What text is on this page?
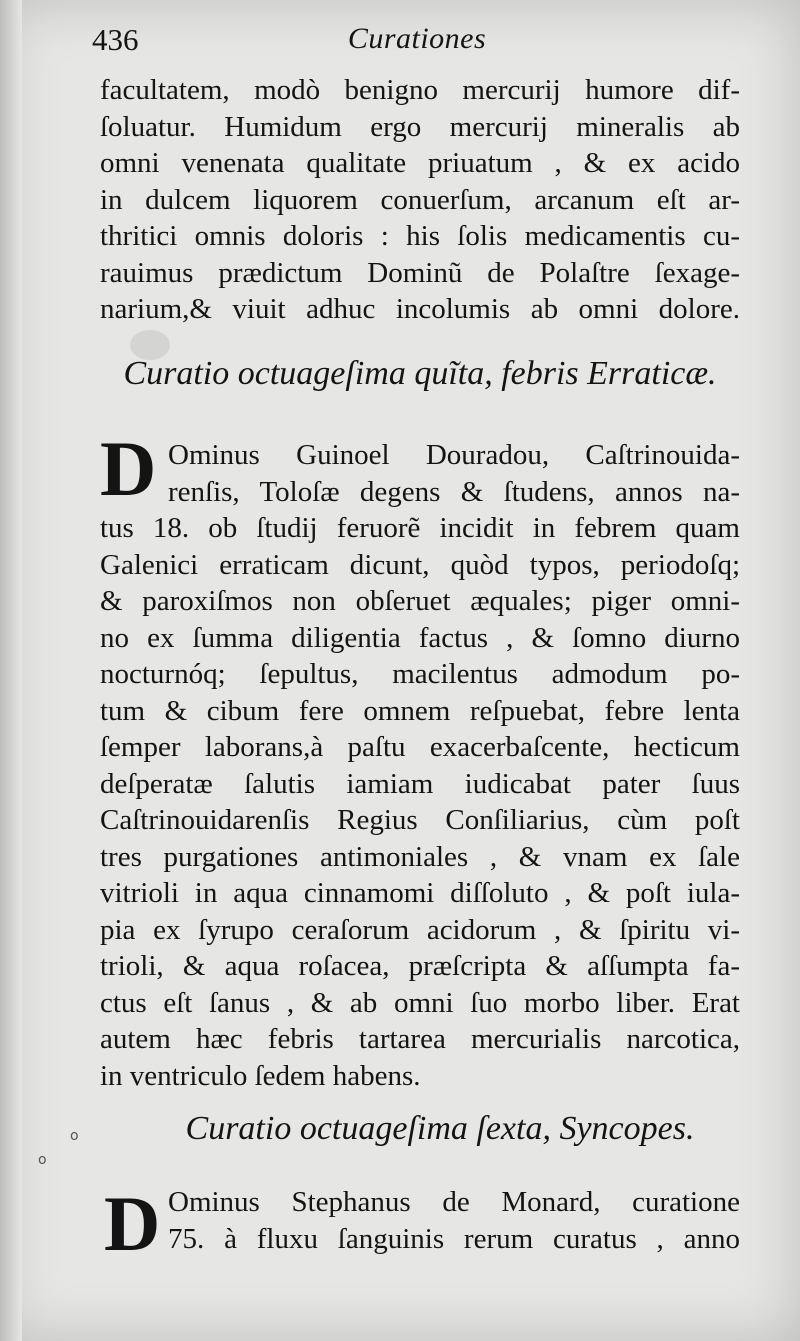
o
o
436	Curationes
facultatem, modò benigno mercurij humore dif-
ſoluatur. Humidum ergo mercurij mineralis ab
omni venenata qualitate priuatum , & ex acido
in dulcem liquorem conuerſum, arcanum eſt ar-
thritici omnis doloris : his ſolis medicamentis cu-
rauimus prædictum Dominũ de Polaſtre ſexage-
narium,& viuit adhuc incolumis ab omni dolore.
Curatio octuageſima quĩta, febris Erraticæ.
D Ominus Guinoel Douradou, Caſtrinouida-
renſis, Toloſæ degens & ſtudens, annos na-
tus 18. ob ſtudij feruorẽ incidit in febrem quam
Galenici erraticam dicunt, quòd typos, periodoſq;
& paroxiſmos non obſeruet æquales; piger omni-
no ex ſumma diligentia factus , & ſomno diurno
nocturnóq; ſepultus, macilentus admodum po-
tum & cibum fere omnem reſpuebat, febre lenta
ſemper laborans,à paſtu exacerbaſcente, hecticum
deſperatæ ſalutis iamiam iudicabat pater ſuus
Caſtrinouidarenſis Regius Conſiliarius, cùm poſt
tres purgationes antimoniales , & vnam ex ſale
vitrioli in aqua cinnamomi diſſoluto , & poſt iula-
pia ex ſyrupo ceraſorum acidorum , & ſpiritu vi-
trioli, & aqua roſacea, præſcripta & aſſumpta fa-
ctus eſt ſanus , & ab omni ſuo morbo liber. Erat
autem hæc febris tartarea mercurialis narcotica,
in ventriculo ſedem habens.
Curatio octuageſima ſexta, Syncopes.
D Ominus Stephanus de Monard, curatione
75. à fluxu ſanguinis rerum curatus , anno
